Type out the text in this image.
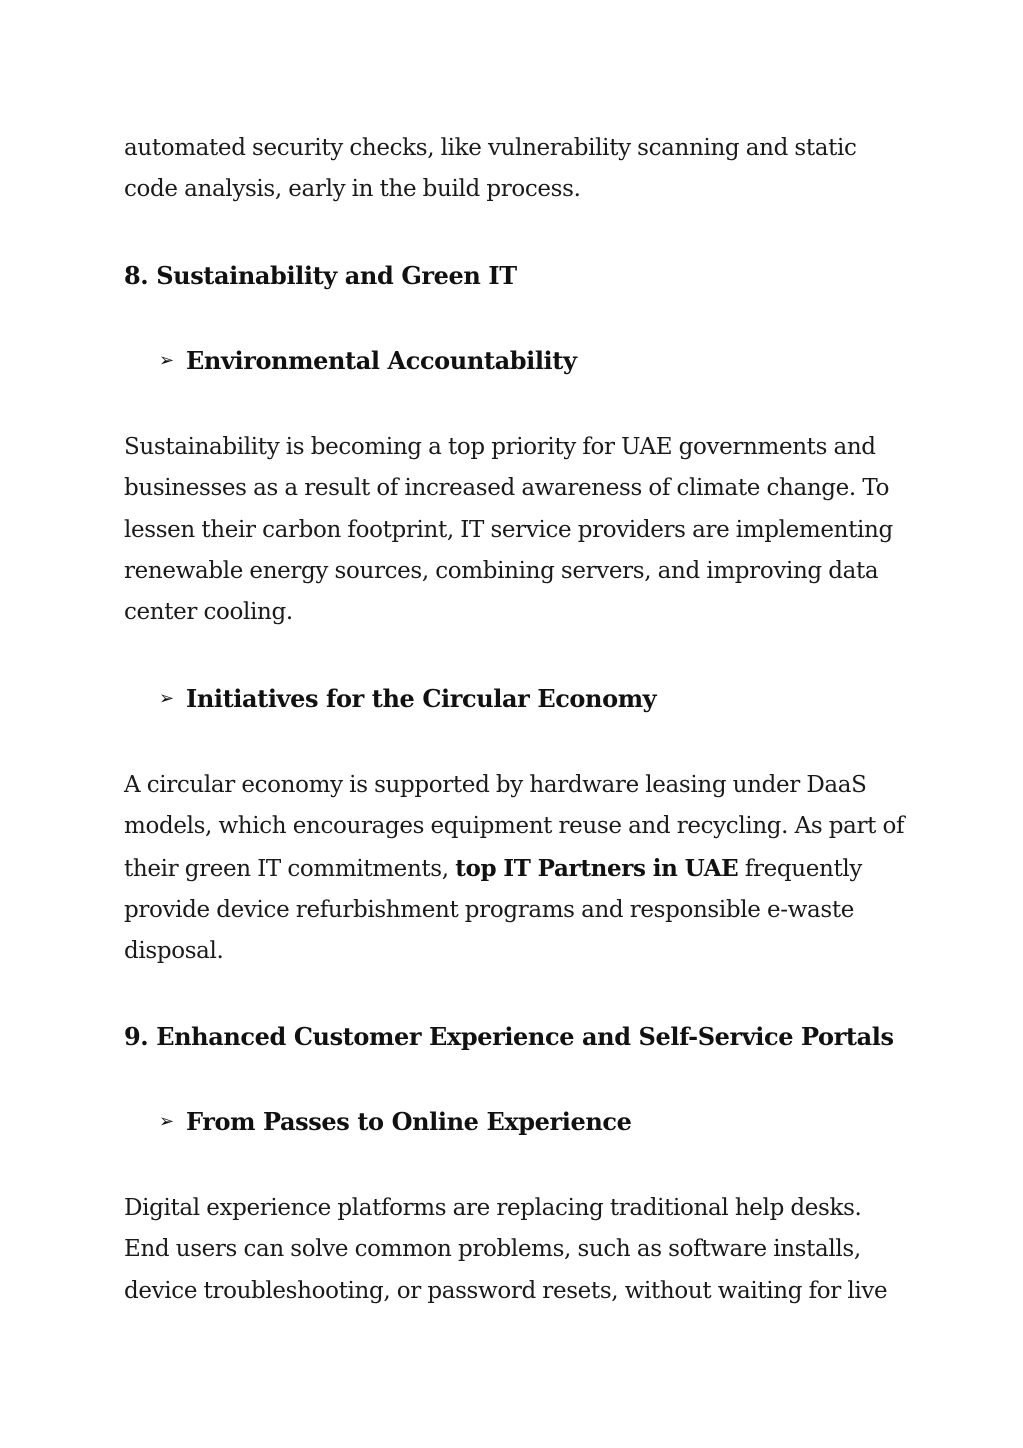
automated security checks, like vulnerability scanning and static
code analysis, early in the build process.

8. Sustainability and Green IT
➢ Environmental Accountability

Sustainability is becoming a top priority for UAE governments and
businesses as a result of increased awareness of climate change. To
lessen their carbon footprint, IT service providers are implementing
renewable energy sources, combining servers, and improving data
center cooling.

➢ Initiatives for the Circular Economy

A circular economy is supported by hardware leasing under DaaS
models, which encourages equipment reuse and recycling. As part of
their green IT commitments, top IT Partners in UAE frequently
provide device refurbishment programs and responsible e-waste
disposal.

9. Enhanced Customer Experience and Self-Service Portals
➢ From Passes to Online Experience

Digital experience platforms are replacing traditional help desks.
End users can solve common problems, such as software installs,
device troubleshooting, or password resets, without waiting for live
